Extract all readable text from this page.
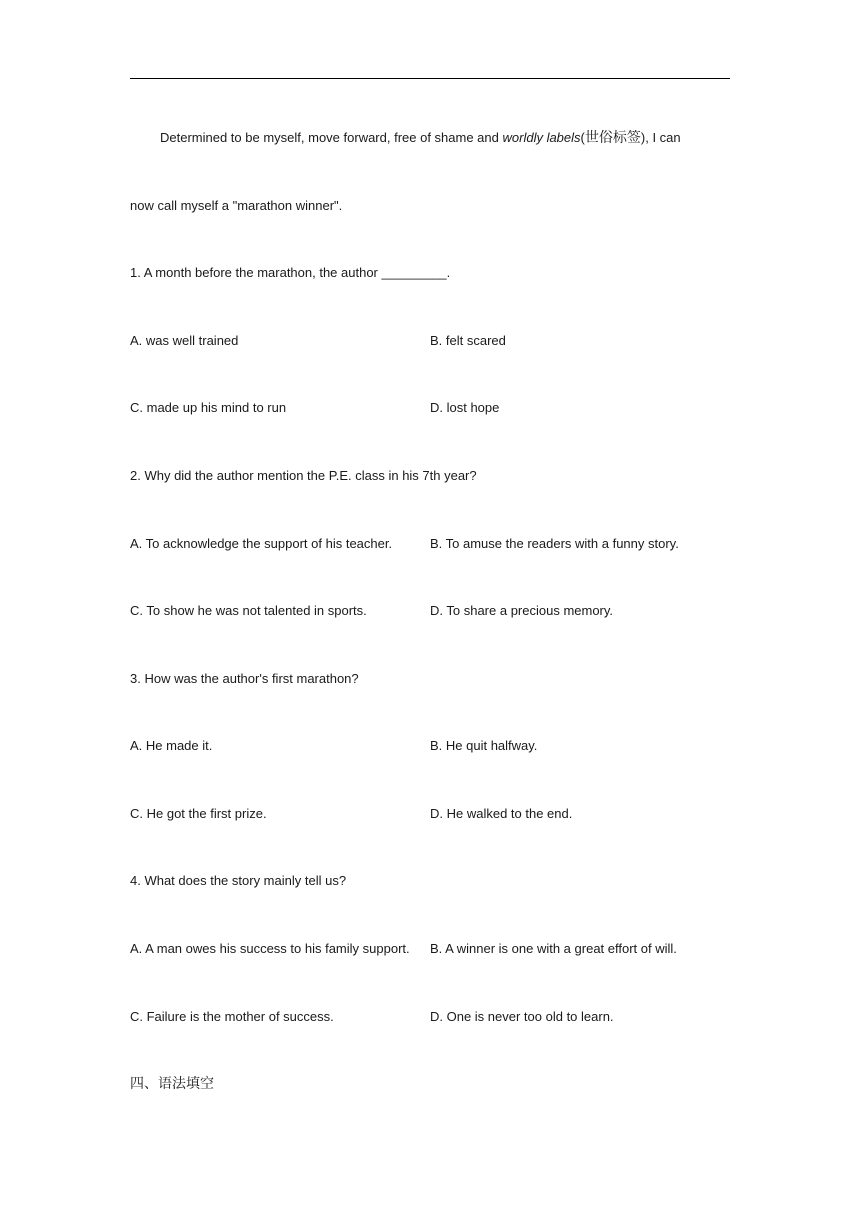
Determined to be myself, move forward, free of shame and worldly labels(世俗标签), I can
now call myself a "marathon winner".
1. A month before the marathon, the author _________.
A. was well trained	B. felt scared
C. made up his mind to run	D. lost hope
2. Why did the author mention the P.E. class in his 7th year?
A. To acknowledge the support of his teacher.	B. To amuse the readers with a funny story.
C. To show he was not talented in sports.	D. To share a precious memory.
3. How was the author's first marathon?
A. He made it.	B. He quit halfway.
C. He got the first prize.	D. He walked to the end.
4. What does the story mainly tell us?
A. A man owes his success to his family support. B. A winner is one with a great effort of will.
C. Failure is the mother of success.	D. One is never too old to learn.
四、语法填空
